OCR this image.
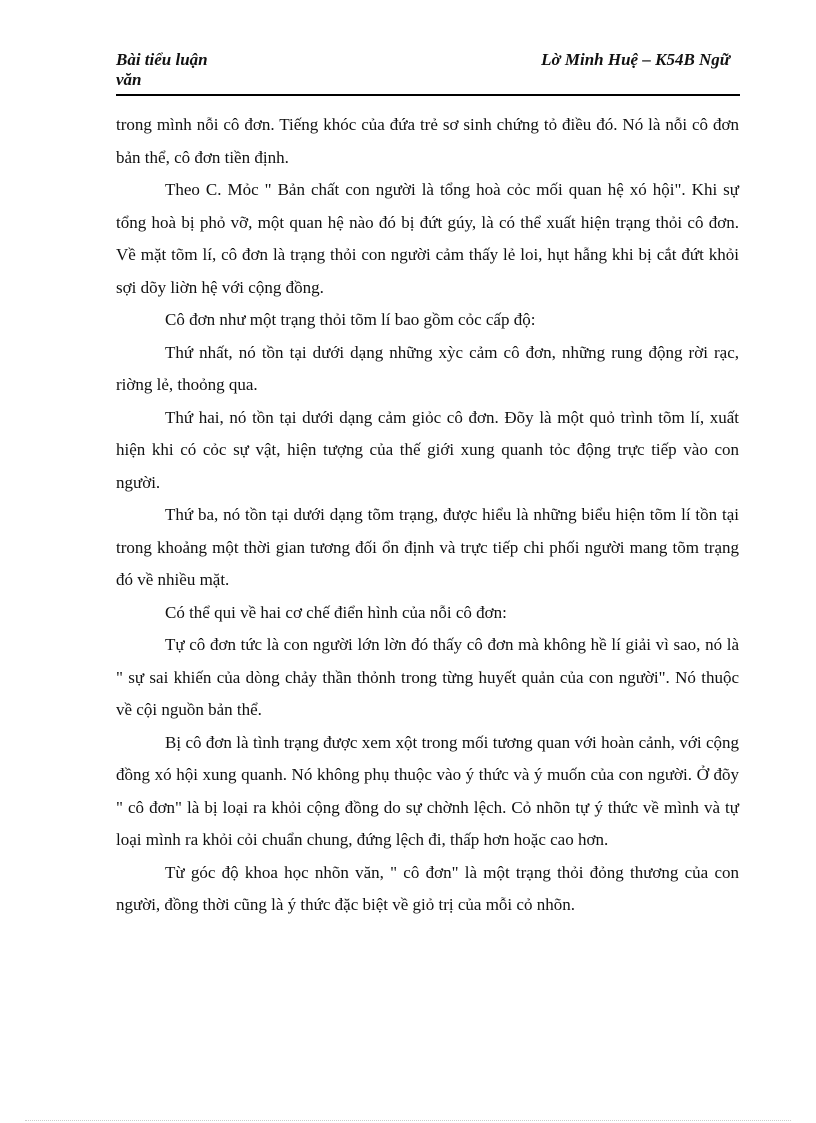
Bài tiểu luận văn
Lờ Minh Huệ – K54B Ngữ

trong mình nỗi cô đơn. Tiếng khóc của đứa trẻ sơ sinh chứng tỏ điều đó. Nó là nỗi cô đơn bản thể, cô đơn tiền định.

Theo C. Mỏc " Bản chất con người là tổng hoà cỏc mối quan hệ xó hội". Khi sự tổng hoà bị phỏ vỡ, một quan hệ nào đó bị đứt gúy, là có thể xuất hiện trạng thỏi cô đơn. Về mặt tõm lí, cô đơn là trạng thỏi con người cảm thấy lẻ loi, hụt hẫng khi bị cắt đứt khỏi sợi dõy liờn hệ với cộng đồng.

Cô đơn như một trạng thỏi tõm lí bao gồm cỏc cấp độ:

Thứ nhất, nó tồn tại dưới dạng những xỳc cảm cô đơn, những rung động rời rạc, riờng lẻ, thoỏng qua.

Thứ hai, nó tồn tại dưới dạng cảm giỏc cô đơn. Đõy là một quỏ trình tõm lí, xuất hiện khi có cỏc sự vật, hiện tượng của thế giới xung quanh tỏc động trực tiếp vào con người.

Thứ ba, nó tồn tại dưới dạng tõm trạng, được hiểu là những biểu hiện tõm lí tồn tại trong khoảng một thời gian tương đối ổn định và trực tiếp chi phối người mang tõm trạng đó về nhiều mặt.

Có thể qui về hai cơ chế điển hình của nỗi cô đơn:

Tự cô đơn tức là con người lớn lờn đó thấy cô đơn mà không hề lí giải vì sao, nó là " sự sai khiến của dòng chảy thần thỏnh trong từng huyết quản của con người". Nó thuộc về cội nguồn bản thể.

Bị cô đơn là tình trạng được xem xột trong mối tương quan với hoàn cảnh, với cộng đồng xó hội xung quanh. Nó không phụ thuộc vào ý thức và ý muốn của con người. Ở đõy " cô đơn" là bị loại ra khỏi cộng đồng do sự chờnh lệch. Cỏ nhõn tự ý thức về mình và tự loại mình ra khỏi cỏi chuẩn chung, đứng lệch đi, thấp hơn hoặc cao hơn.

Từ góc độ khoa học nhõn văn, " cô đơn" là một trạng thỏi đỏng thương của con người, đồng thời cũng là ý thức đặc biệt về giỏ trị của mỗi cỏ nhõn.
